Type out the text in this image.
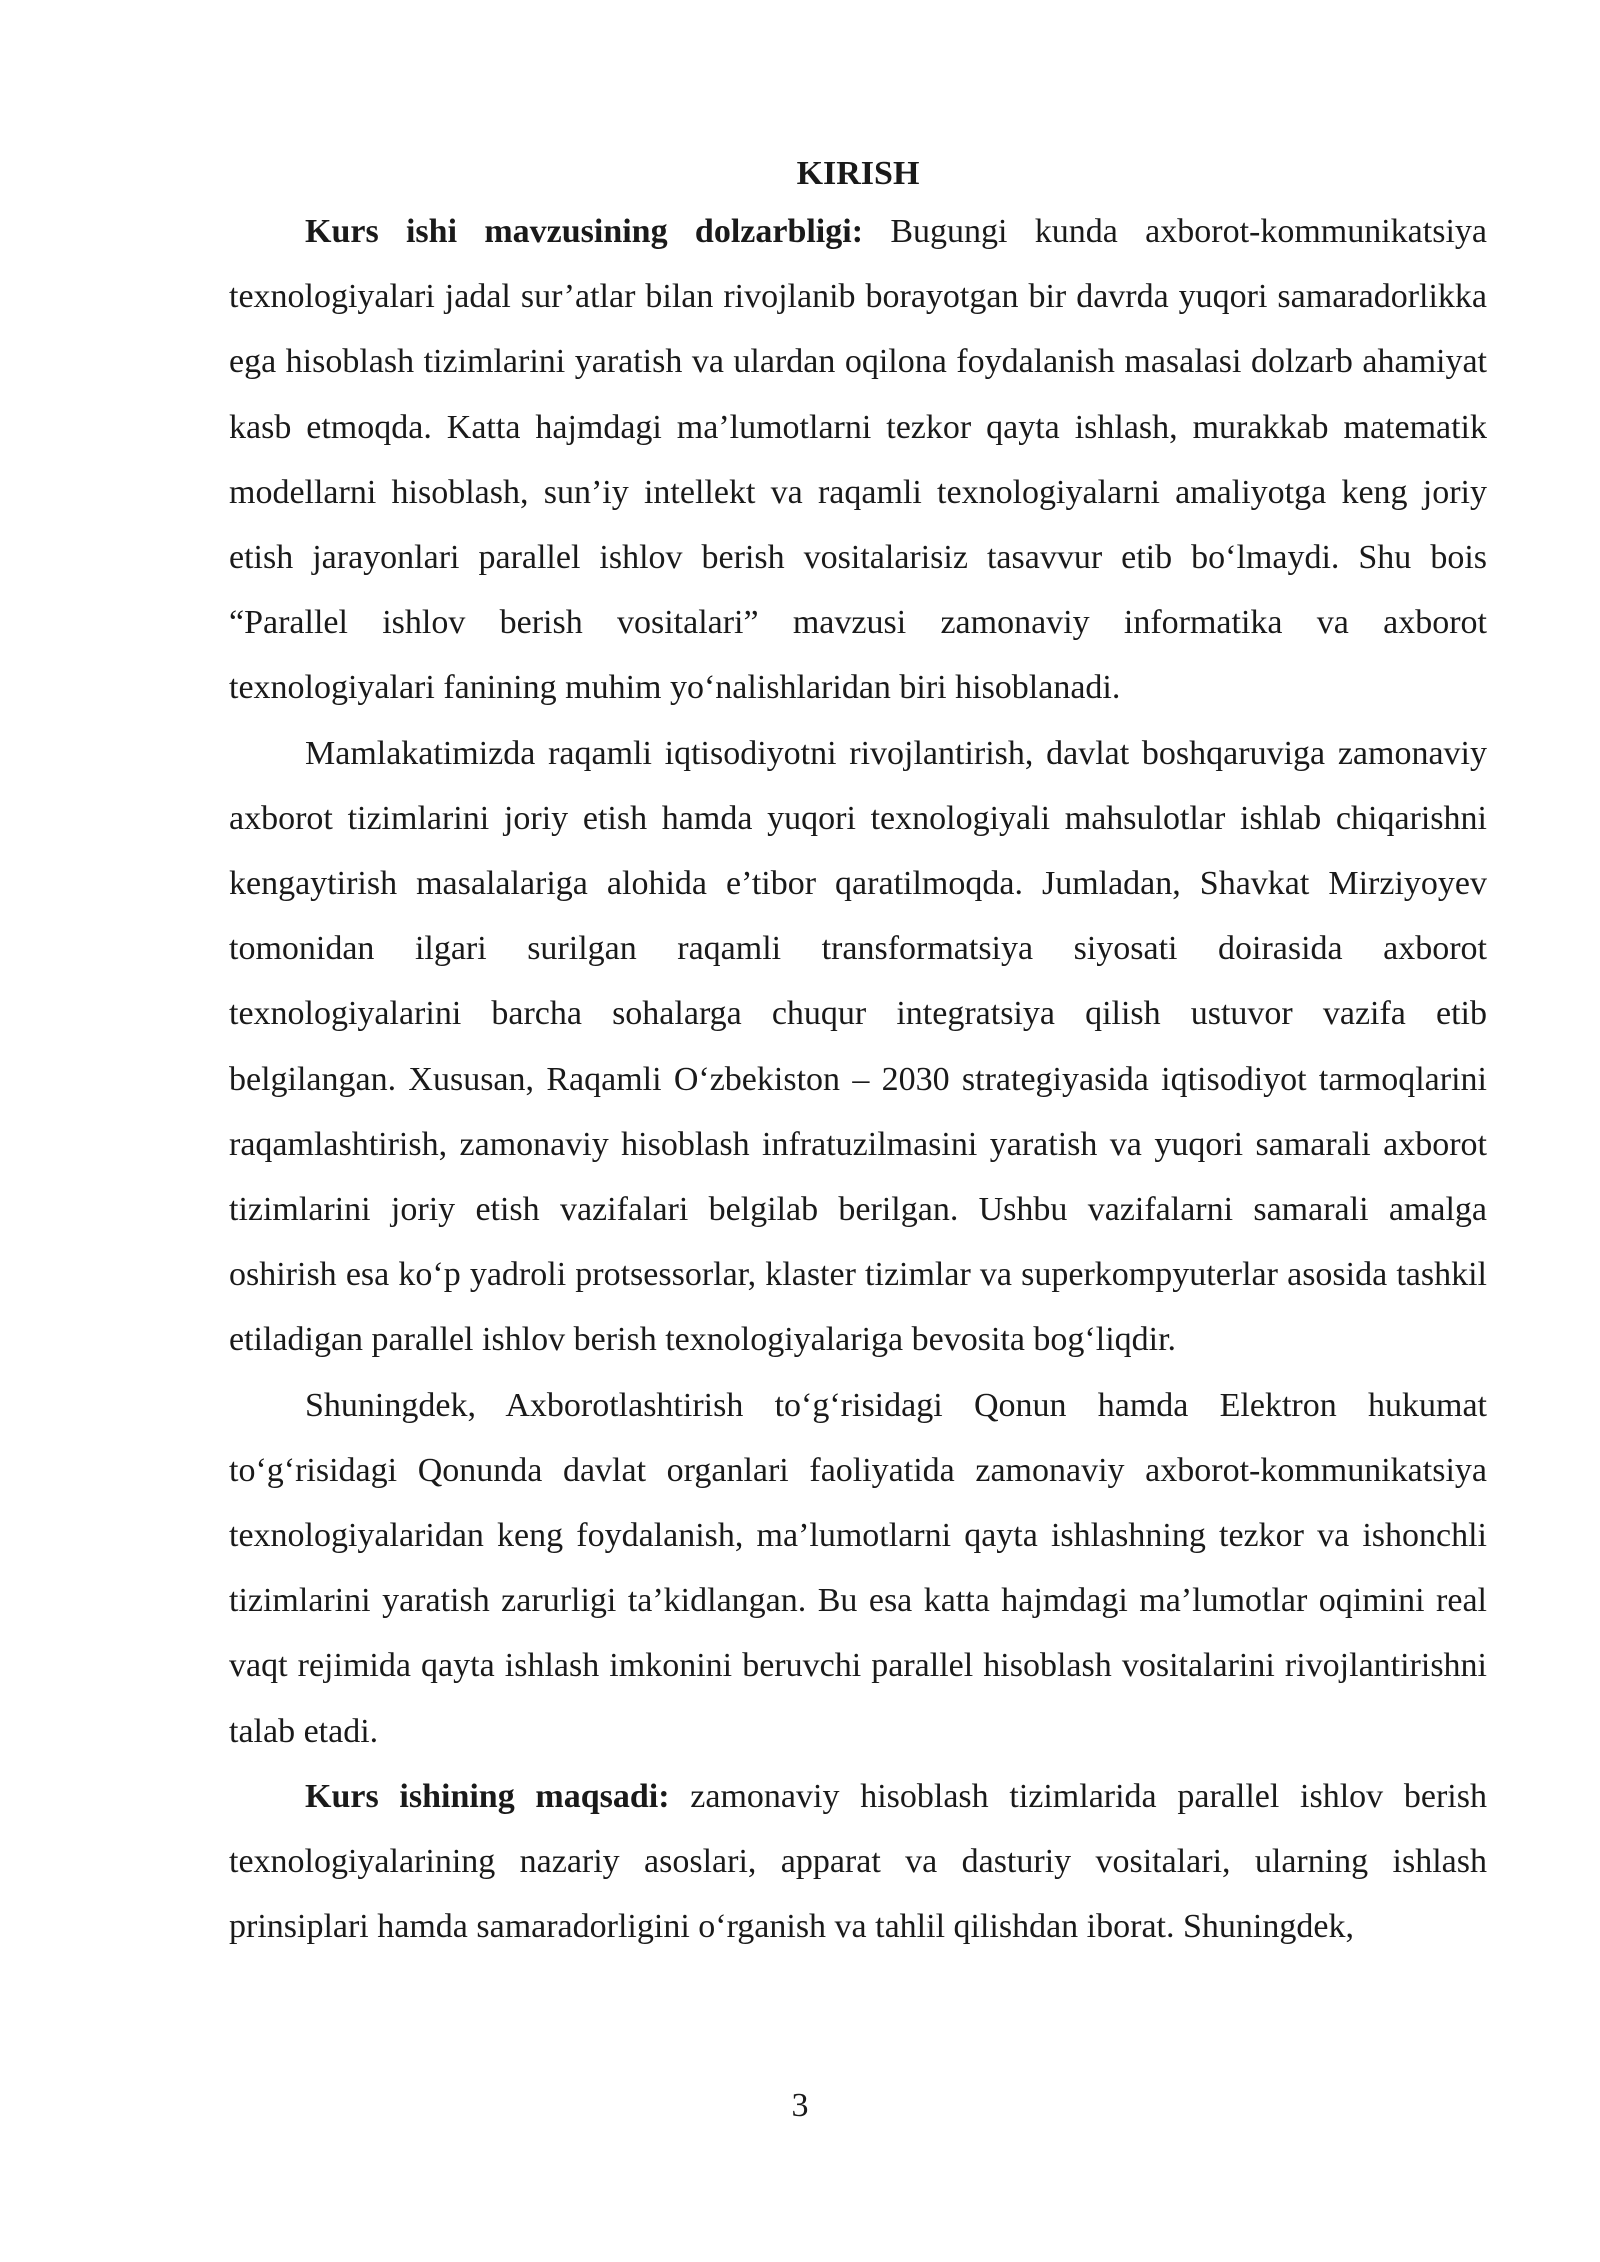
KIRISH

Kurs ishi mavzusining dolzarbligi: Bugungi kunda axborot-kommunikatsiya texnologiyalari jadal sur’atlar bilan rivojlanib borayotgan bir davrda yuqori samaradorlikka ega hisoblash tizimlarini yaratish va ulardan oqilona foydalanish masalasi dolzarb ahamiyat kasb etmoqda. Katta hajmdagi ma’lumotlarni tezkor qayta ishlash, murakkab matematik modellarni hisoblash, sun’iy intellekt va raqamli texnologiyalarni amaliyotga keng joriy etish jarayonlari parallel ishlov berish vositalarisiz tasavvur etib bo‘lmaydi. Shu bois “Parallel ishlov berish vositalari” mavzusi zamonaviy informatika va axborot texnologiyalari fanining muhim yo‘nalishlaridan biri hisoblanadi.

Mamlakatimizda raqamli iqtisodiyotni rivojlantirish, davlat boshqaruviga zamonaviy axborot tizimlarini joriy etish hamda yuqori texnologiyali mahsulotlar ishlab chiqarishni kengaytirish masalalariga alohida e’tibor qaratilmoqda. Jumladan, Shavkat Mirziyoyev tomonidan ilgari surilgan raqamli transformatsiya siyosati doirasida axborot texnologiyalarini barcha sohalarga chuqur integratsiya qilish ustuvor vazifa etib belgilangan. Xususan, Raqamli O‘zbekiston – 2030 strategiyasida iqtisodiyot tarmoqlarini raqamlashtirish, zamonaviy hisoblash infratuzilmasini yaratish va yuqori samarali axborot tizimlarini joriy etish vazifalari belgilab berilgan. Ushbu vazifalarni samarali amalga oshirish esa ko‘p yadroli protsessorlar, klaster tizimlar va superkompyuterlar asosida tashkil etiladigan parallel ishlov berish texnologiyalariga bevosita bog‘liqdir.

Shuningdek, Axborotlashtirish to‘g‘risidagi Qonun hamda Elektron hukumat to‘g‘risidagi Qonunda davlat organlari faoliyatida zamonaviy axborot-kommunikatsiya texnologiyalaridan keng foydalanish, ma’lumotlarni qayta ishlashning tezkor va ishonchli tizimlarini yaratish zarurligi ta’kidlangan. Bu esa katta hajmdagi ma’lumotlar oqimini real vaqt rejimida qayta ishlash imkonini beruvchi parallel hisoblash vositalarini rivojlantirishni talab etadi.

Kurs ishining maqsadi: zamonaviy hisoblash tizimlarida parallel ishlov berish texnologiyalarining nazariy asoslari, apparat va dasturiy vositalari, ularning ishlash prinsiplari hamda samaradorligini o‘rganish va tahlil qilishdan iborat. Shuningdek,

3
